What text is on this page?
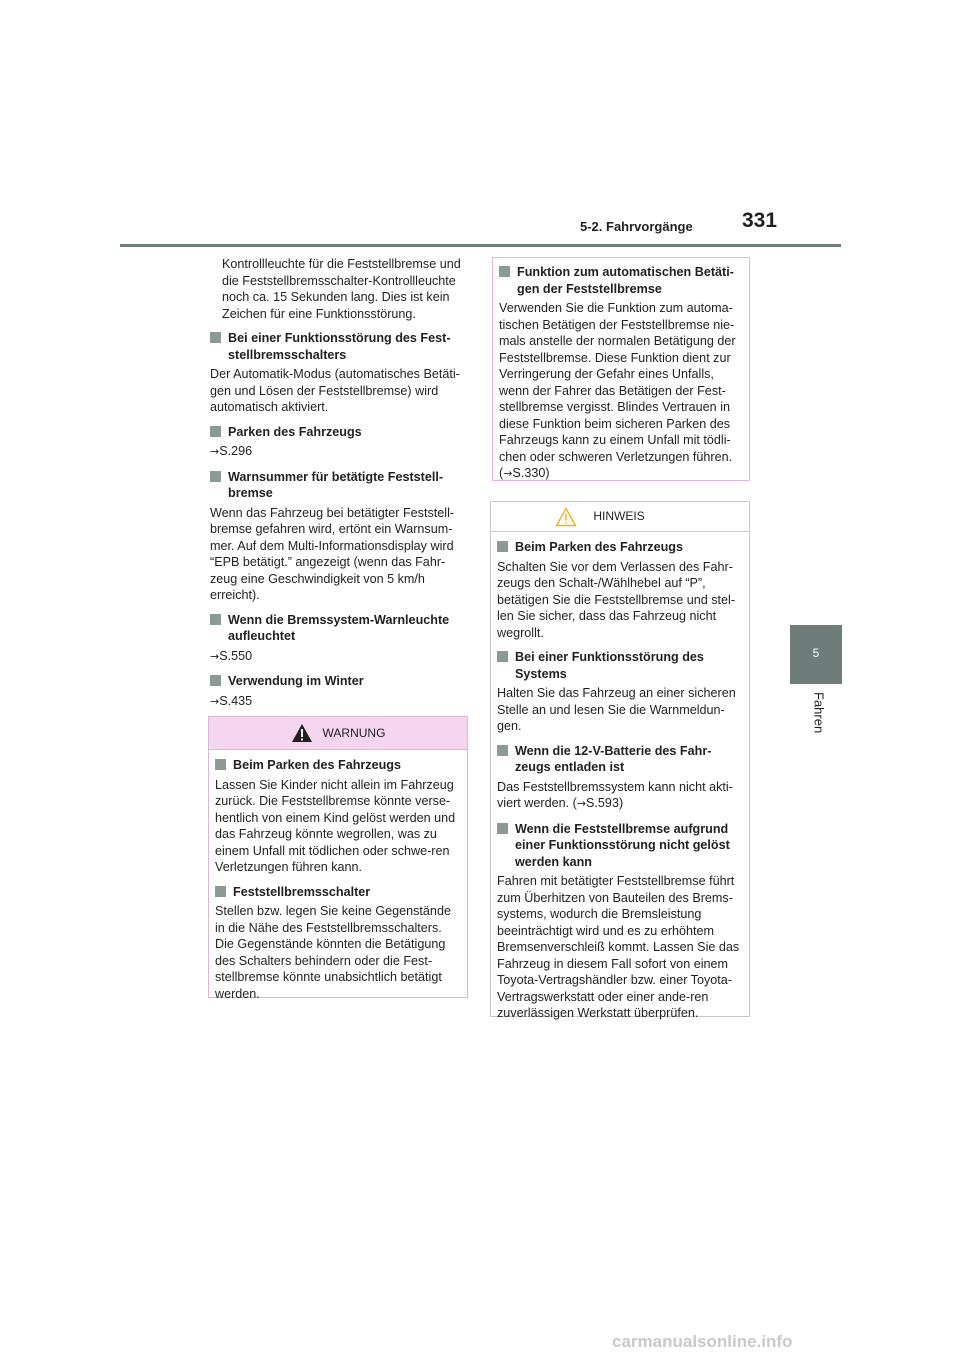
5-2. Fahrvorgänge 331
5
Fahren

Kontrollleuchte für die Feststellbremse und die Feststellbremsschalter-Kontrollleuchte noch ca. 15 Sekunden lang. Dies ist kein Zeichen für eine Funktionsstörung.

Bei einer Funktionsstörung des Fest-stellbremsschalters

Der Automatik-Modus (automatisches Betäti-gen und Lösen der Feststellbremse) wird automatisch aktiviert.

Parken des Fahrzeugs

→S.296

Warnsummer für betätigte Feststell-bremse

Wenn das Fahrzeug bei betätigter Feststell-bremse gefahren wird, ertönt ein Warnsum-mer. Auf dem Multi-Informationsdisplay wird “EPB betätigt.” angezeigt (wenn das Fahr-zeug eine Geschwindigkeit von 5 km/h erreicht).

Wenn die Bremssystem-Warnleuchte aufleuchtet

→S.550

Verwendung im Winter

→S.435

WARNUNG
Beim Parken des Fahrzeugs

Lassen Sie Kinder nicht allein im Fahrzeug zurück. Die Feststellbremse könnte verse-hentlich von einem Kind gelöst werden und das Fahrzeug könnte wegrollen, was zu einem Unfall mit tödlichen oder schwe-ren Verletzungen führen kann.

Feststellbremsschalter

Stellen bzw. legen Sie keine Gegenstände in die Nähe des Feststellbremsschalters. Die Gegenstände könnten die Betätigung des Schalters behindern oder die Fest-stellbremse könnte unabsichtlich betätigt werden.

Funktion zum automatischen Betäti-gen der Feststellbremse

Verwenden Sie die Funktion zum automa-tischen Betätigen der Feststellbremse nie-mals anstelle der normalen Betätigung der Feststellbremse. Diese Funktion dient zur Verringerung der Gefahr eines Unfalls, wenn der Fahrer das Betätigen der Fest-stellbremse vergisst. Blindes Vertrauen in diese Funktion beim sicheren Parken des Fahrzeugs kann zu einem Unfall mit tödli-chen oder schweren Verletzungen führen.
(→S.330)

HINWEIS
Beim Parken des Fahrzeugs

Schalten Sie vor dem Verlassen des Fahr-zeugs den Schalt-/Wählhebel auf “P”, betätigen Sie die Feststellbremse und stel-len Sie sicher, dass das Fahrzeug nicht wegrollt.

Bei einer Funktionsstörung des Systems

Halten Sie das Fahrzeug an einer sicheren Stelle an und lesen Sie die Warnmeldun-gen.

Wenn die 12-V-Batterie des Fahr-zeugs entladen ist

Das Feststellbremssystem kann nicht akti-viert werden. (→S.593)

Wenn die Feststellbremse aufgrund einer Funktionsstörung nicht gelöst werden kann

Fahren mit betätigter Feststellbremse führt zum Überhitzen von Bauteilen des Brems-systems, wodurch die Bremsleistung beeinträchtigt wird und es zu erhöhtem Bremsenverschleiß kommt. Lassen Sie das Fahrzeug in diesem Fall sofort von einem Toyota-Vertragshändler bzw. einer Toyota-Vertragswerkstatt oder einer ande-ren zuverlässigen Werkstatt überprüfen.

carmanualsonline.info
